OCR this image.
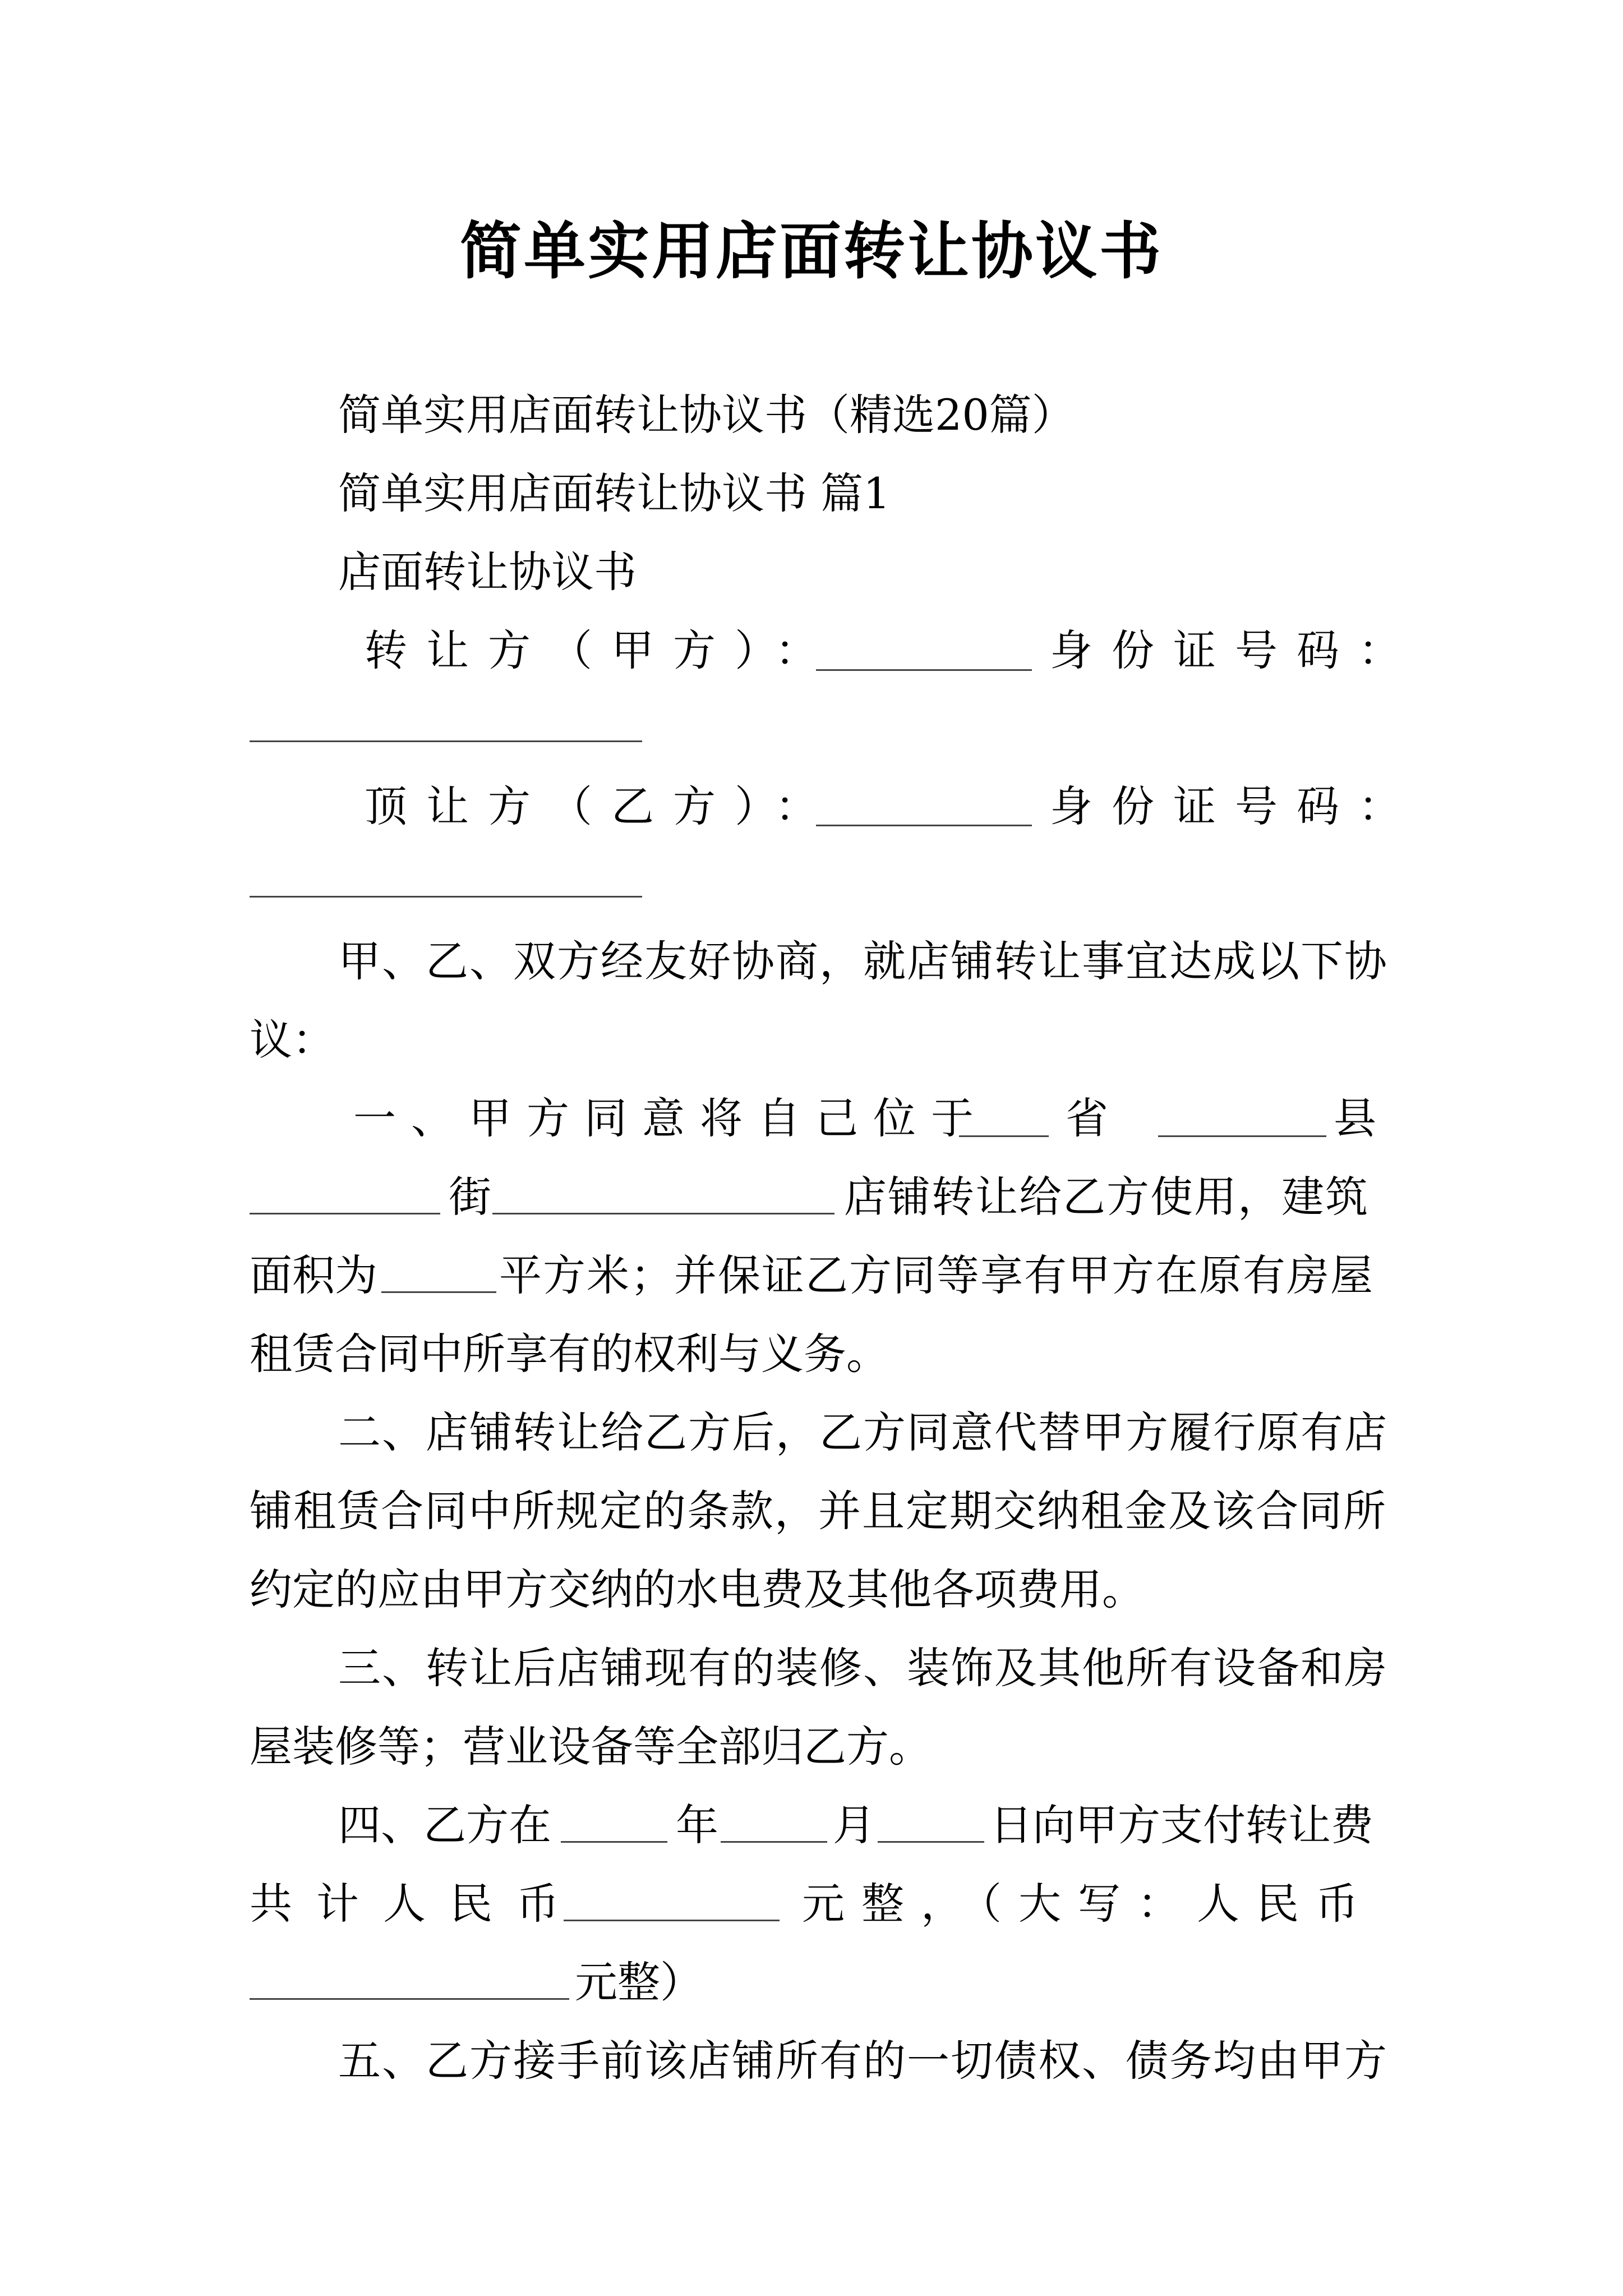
简单实用店面转让协议书
简单实用店面转让协议书（精选20篇）
简单实用店面转让协议书 篇1
店面转让协议书
转让方（甲方）：	身份证号码：
顶让方（乙方）：	身份证号码：
甲、乙、双方经友好协商，就店铺转让事宜达成以下协
议：
一、甲方同意将自己位于	省	县
街	店铺转让给乙方使用，建筑
面积为	平方米；并保证乙方同等享有甲方在原有房屋
租赁合同中所享有的权利与义务。
二、店铺转让给乙方后，乙方同意代替甲方履行原有店
铺租赁合同中所规定的条款，并且定期交纳租金及该合同所
约定的应由甲方交纳的水电费及其他各项费用。
三、转让后店铺现有的装修、装饰及其他所有设备和房
屋装修等；营业设备等全部归乙方。
四、乙方在	年	月	日向甲方支付转让费
共计人民币	元整，（大写：人民币
元整）
五、乙方接手前该店铺所有的一切债权、债务均由甲方
